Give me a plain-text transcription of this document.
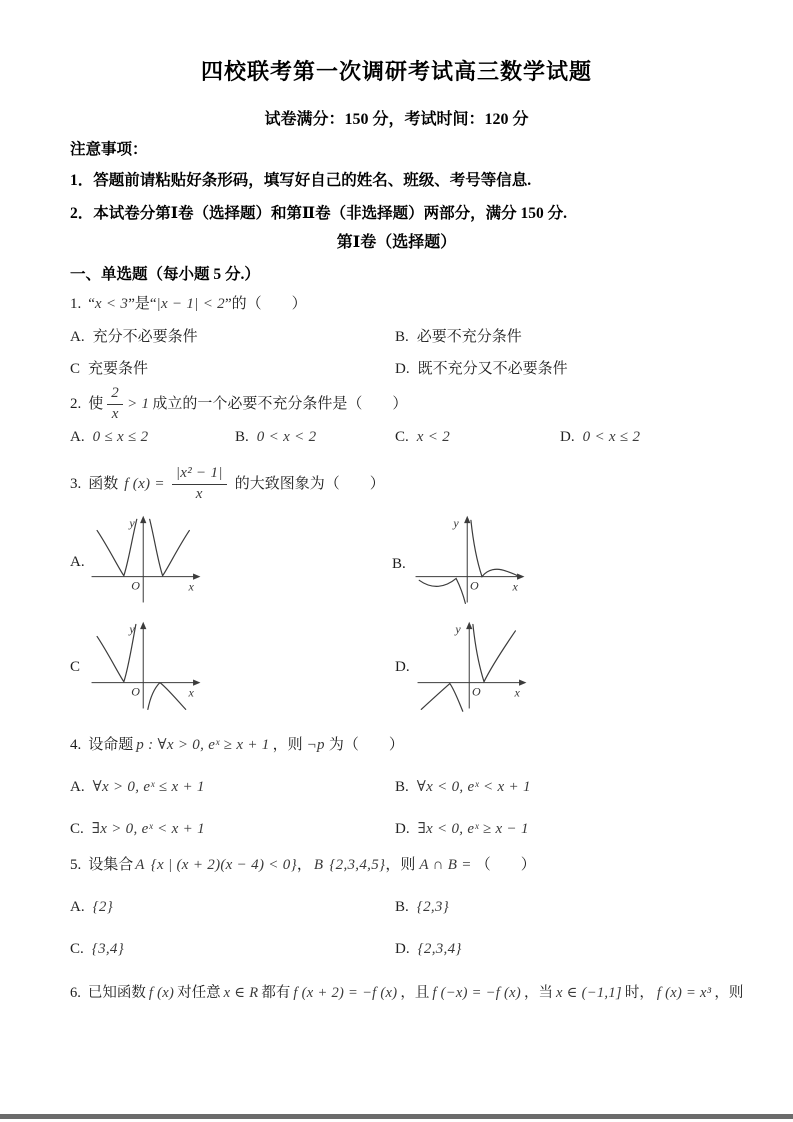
四校联考第一次调研考试高三数学试题
试卷满分：150 分，考试时间：120 分
注意事项：
1．答题前请粘贴好条形码，填写好自己的姓名、班级、考号等信息.
2．本试卷分第Ⅰ卷（选择题）和第Ⅱ卷（非选择题）两部分，满分 150 分.
第Ⅰ卷（选择题）
一、单选题（每小题 5 分.）
1. “x < 3”是“|x − 1| < 2”的（　　）
A. 充分不必要条件	B. 必要不充分条件
C 充要条件	D. 既不充分又不必要条件
2. 使 $\frac{2}{x} > 1$ 成立的一个必要不充分条件是（　　）
A. 0 ≤ x ≤ 2	B. 0 < x < 2	C. x < 2	D. 0 < x ≤ 2
3. 函数 f $(x) = \frac{\text{|x² − 1|}}{x}$ 的大致图象为（　　）
A.
y
x
O
B.
y
x
O
C
y
x
O
D.
y
O	x
4. 设命题 p : ∀x > 0, eˣ ≥ x + 1 ，则 ¬p 为（　　）
A. ∀x > 0, eˣ ≤ x + 1	B. ∀x < 0, eˣ < x + 1
C. ∃x > 0, eˣ < x + 1	D. ∃x < 0, eˣ ≥ x − 1
5. 设集合 A {x | (x + 2)(x − 4) < 0}， B {2,3,4,5}，则 A ∩ B = （　　）
A. {2}	B. {2,3}
C. {3,4}	D. {2,3,4}
6. 已知函数 f (x) 对任意 x ∈ R 都有 f (x + 2) = −f (x) ，且 f (−x) = −f (x) ，当 x ∈ (−1,1] 时， f (x) = x³ ，则
